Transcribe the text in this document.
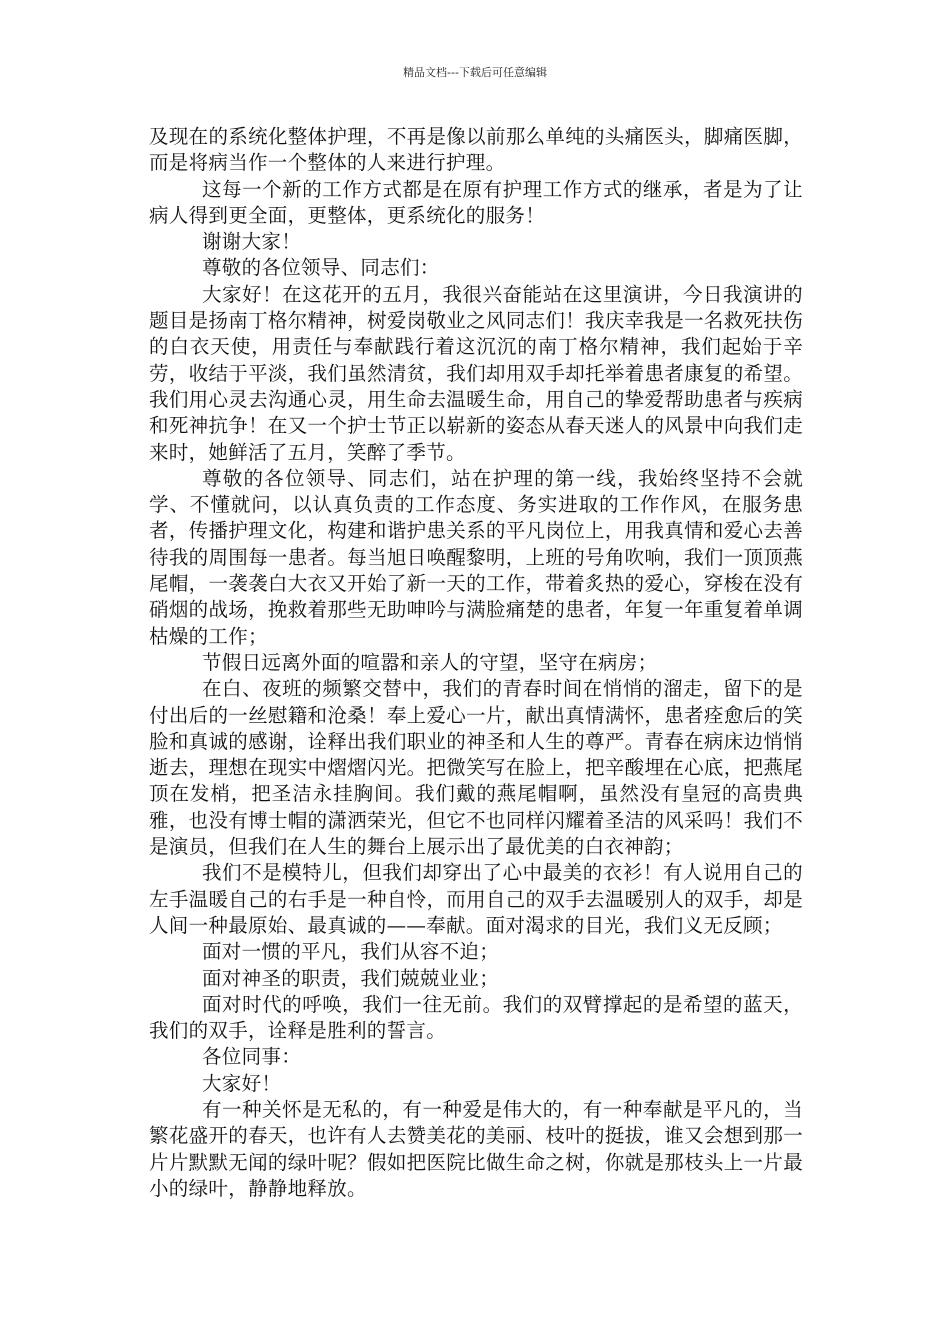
精品文档---下载后可任意编辑

及现在的系统化整体护理，不再是像以前那么单纯的头痛医头，脚痛医脚，而是将病当作一个整体的人来进行护理。

这每一个新的工作方式都是在原有护理工作方式的继承，者是为了让病人得到更全面，更整体，更系统化的服务！

谢谢大家！

尊敬的各位领导、同志们：

大家好！在这花开的五月，我很兴奋能站在这里演讲，今日我演讲的题目是扬南丁格尔精神，树爱岗敬业之风同志们！我庆幸我是一名救死扶伤的白衣天使，用责任与奉献践行着这沉沉的南丁格尔精神，我们起始于辛劳，收结于平淡，我们虽然清贫，我们却用双手却托举着患者康复的希望。我们用心灵去沟通心灵，用生命去温暖生命，用自己的挚爱帮助患者与疾病和死神抗争！在又一个护士节正以崭新的姿态从春天迷人的风景中向我们走来时，她鲜活了五月，笑醉了季节。

尊敬的各位领导、同志们，站在护理的第一线，我始终坚持不会就学、不懂就问，以认真负责的工作态度、务实进取的工作作风，在服务患者，传播护理文化，构建和谐护患关系的平凡岗位上，用我真情和爱心去善待我的周围每一患者。每当旭日唤醒黎明，上班的号角吹响，我们一顶顶燕尾帽，一袭袭白大衣又开始了新一天的工作，带着炙热的爱心，穿梭在没有硝烟的战场，挽救着那些无助呻吟与满脸痛楚的患者，年复一年重复着单调枯燥的工作；

节假日远离外面的喧嚣和亲人的守望，坚守在病房；

在白、夜班的频繁交替中，我们的青春时间在悄悄的溜走，留下的是付出后的一丝慰籍和沧桑！奉上爱心一片，献出真情满怀，患者痊愈后的笑脸和真诚的感谢，诠释出我们职业的神圣和人生的尊严。青春在病床边悄悄逝去，理想在现实中熠熠闪光。把微笑写在脸上，把辛酸埋在心底，把燕尾顶在发梢，把圣洁永挂胸间。我们戴的燕尾帽啊，虽然没有皇冠的高贵典雅，也没有博士帽的潇洒荣光，但它不也同样闪耀着圣洁的风采吗！我们不是演员，但我们在人生的舞台上展示出了最优美的白衣神韵；

我们不是模特儿，但我们却穿出了心中最美的衣衫！有人说用自己的左手温暖自己的右手是一种自怜，而用自己的双手去温暖别人的双手，却是人间一种最原始、最真诚的——奉献。面对渴求的目光，我们义无反顾；

面对一惯的平凡，我们从容不迫；

面对神圣的职责，我们兢兢业业；

面对时代的呼唤，我们一往无前。我们的双臂撑起的是希望的蓝天，我们的双手，诠释是胜利的誓言。

各位同事：

大家好！

有一种关怀是无私的，有一种爱是伟大的，有一种奉献是平凡的，当繁花盛开的春天，也许有人去赞美花的美丽、枝叶的挺拔，谁又会想到那一片片默默无闻的绿叶呢？假如把医院比做生命之树，你就是那枝头上一片最小的绿叶，静静地释放。
